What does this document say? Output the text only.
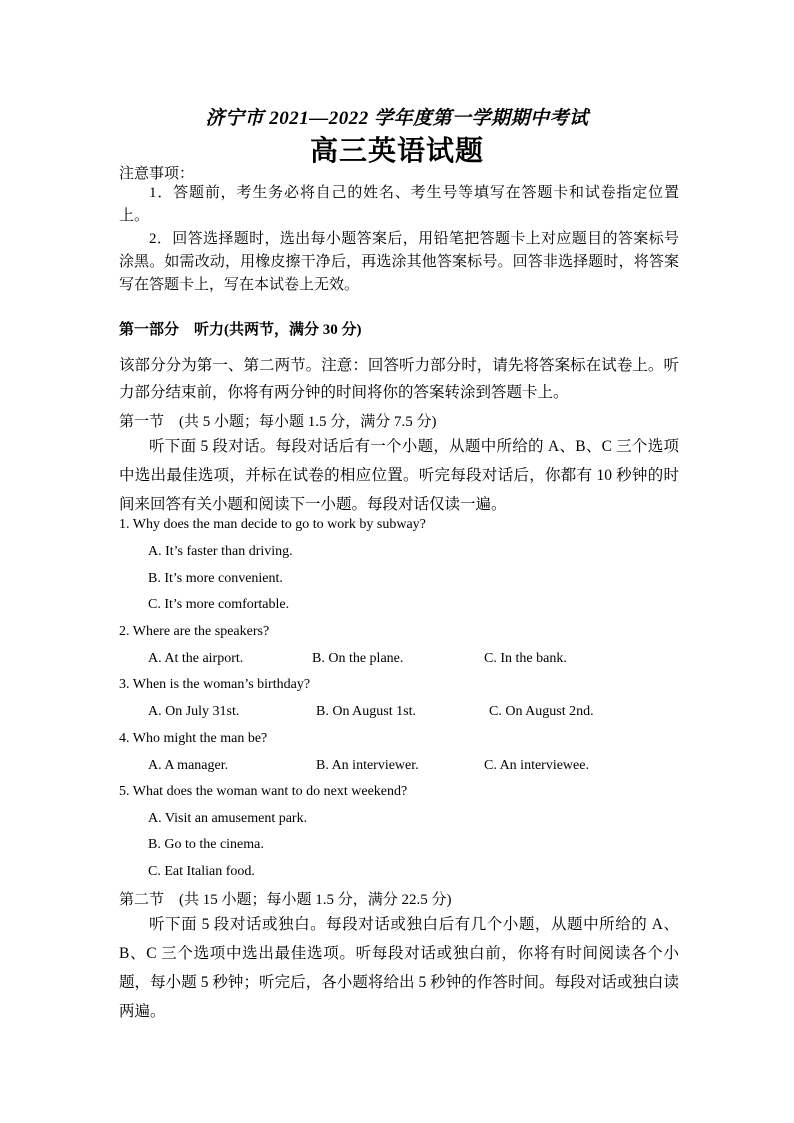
济宁市 2021—2022 学年度第一学期期中考试
高三英语试题
注意事项：
1．答题前，考生务必将自己的姓名、考生号等填写在答题卡和试卷指定位置上。
2．回答选择题时，选出每小题答案后，用铅笔把答题卡上对应题目的答案标号涂黑。如需改动，用橡皮擦干净后，再选涂其他答案标号。回答非选择题时，将答案写在答题卡上，写在本试卷上无效。
第一部分　听力(共两节，满分 30 分)
该部分分为第一、第二两节。注意：回答听力部分时，请先将答案标在试卷上。听力部分结束前，你将有两分钟的时间将你的答案转涂到答题卡上。
第一节　(共 5 小题；每小题 1.5 分，满分 7.5 分)
听下面 5 段对话。每段对话后有一个小题，从题中所给的 A、B、C 三个选项中选出最佳选项，并标在试卷的相应位置。听完每段对话后，你都有 10 秒钟的时间来回答有关小题和阅读下一小题。每段对话仅读一遍。
1. Why does the man decide to go to work by subway?
A. It’s faster than driving.
B. It’s more convenient.
C. It’s more comfortable.
2. Where are the speakers?
A. At the airport.	B. On the plane.	C. In the bank.
3. When is the woman’s birthday?
A. On July 31st.	B. On August 1st.	C. On August 2nd.
4. Who might the man be?
A. A manager.	B. An interviewer.	C. An interviewee.
5. What does the woman want to do next weekend?
A. Visit an amusement park.
B. Go to the cinema.
C. Eat Italian food.
第二节　(共 15 小题；每小题 1.5 分，满分 22.5 分)
听下面 5 段对话或独白。每段对话或独白后有几个小题，从题中所给的 A、B、C 三个选项中选出最佳选项。听每段对话或独白前，你将有时间阅读各个小题，每小题 5 秒钟；听完后，各小题将给出 5 秒钟的作答时间。每段对话或独白读两遍。
